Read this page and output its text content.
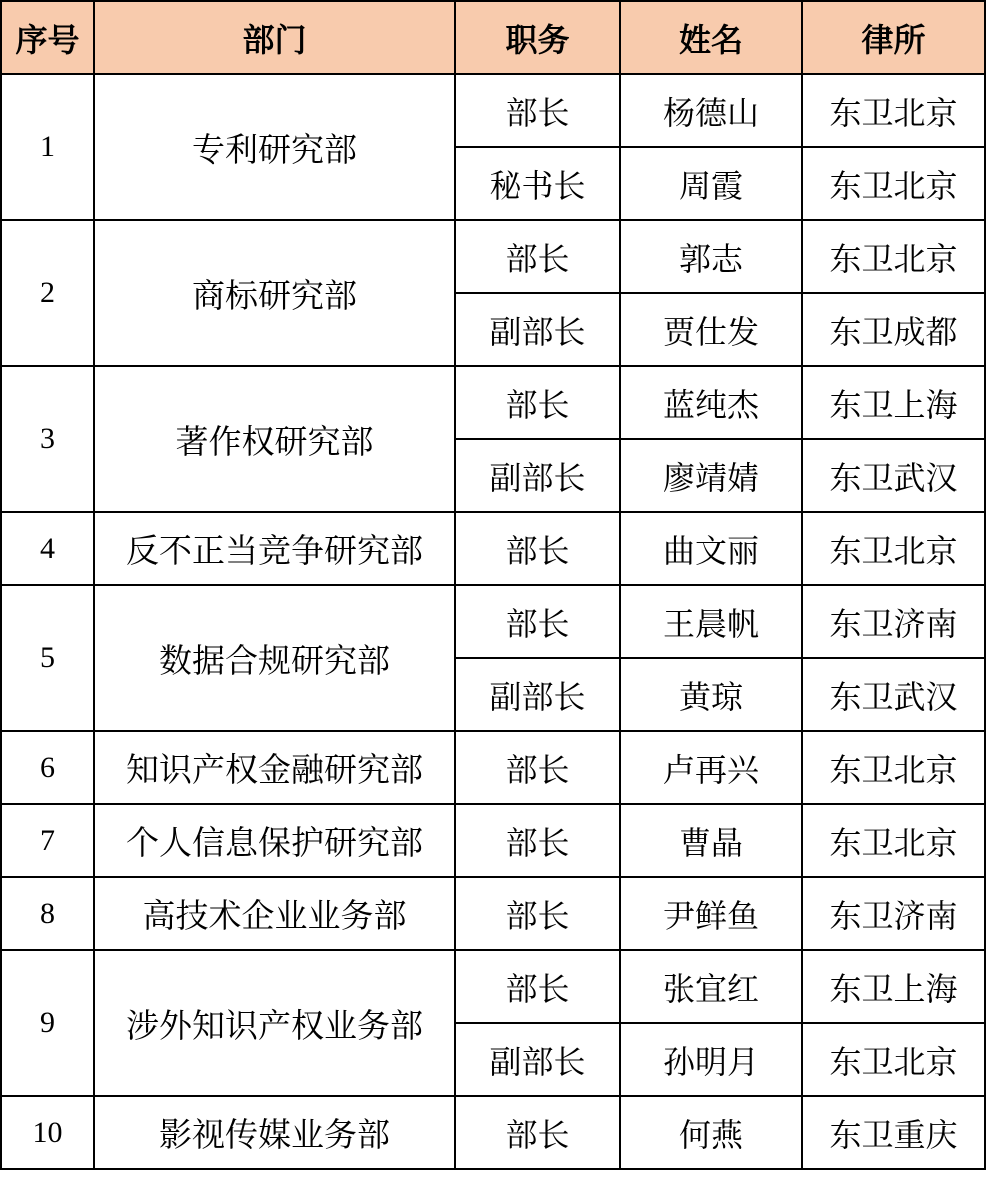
序号	部门	职务	姓名	律所
1	专利研究部	部长	杨德山	东卫北京
		秘书长	周霞	东卫北京
2	商标研究部	部长	郭志	东卫北京
		副部长	贾仕发	东卫成都
3	著作权研究部	部长	蓝纯杰	东卫上海
		副部长	廖靖婧	东卫武汉
4	反不正当竞争研究部	部长	曲文丽	东卫北京
5	数据合规研究部	部长	王晨帆	东卫济南
		副部长	黄琼	东卫武汉
6	知识产权金融研究部	部长	卢再兴	东卫北京
7	个人信息保护研究部	部长	曹晶	东卫北京
8	高技术企业业务部	部长	尹鲜鱼	东卫济南
9	涉外知识产权业务部	部长	张宜红	东卫上海
		副部长	孙明月	东卫北京
10	影视传媒业务部	部长	何燕	东卫重庆
